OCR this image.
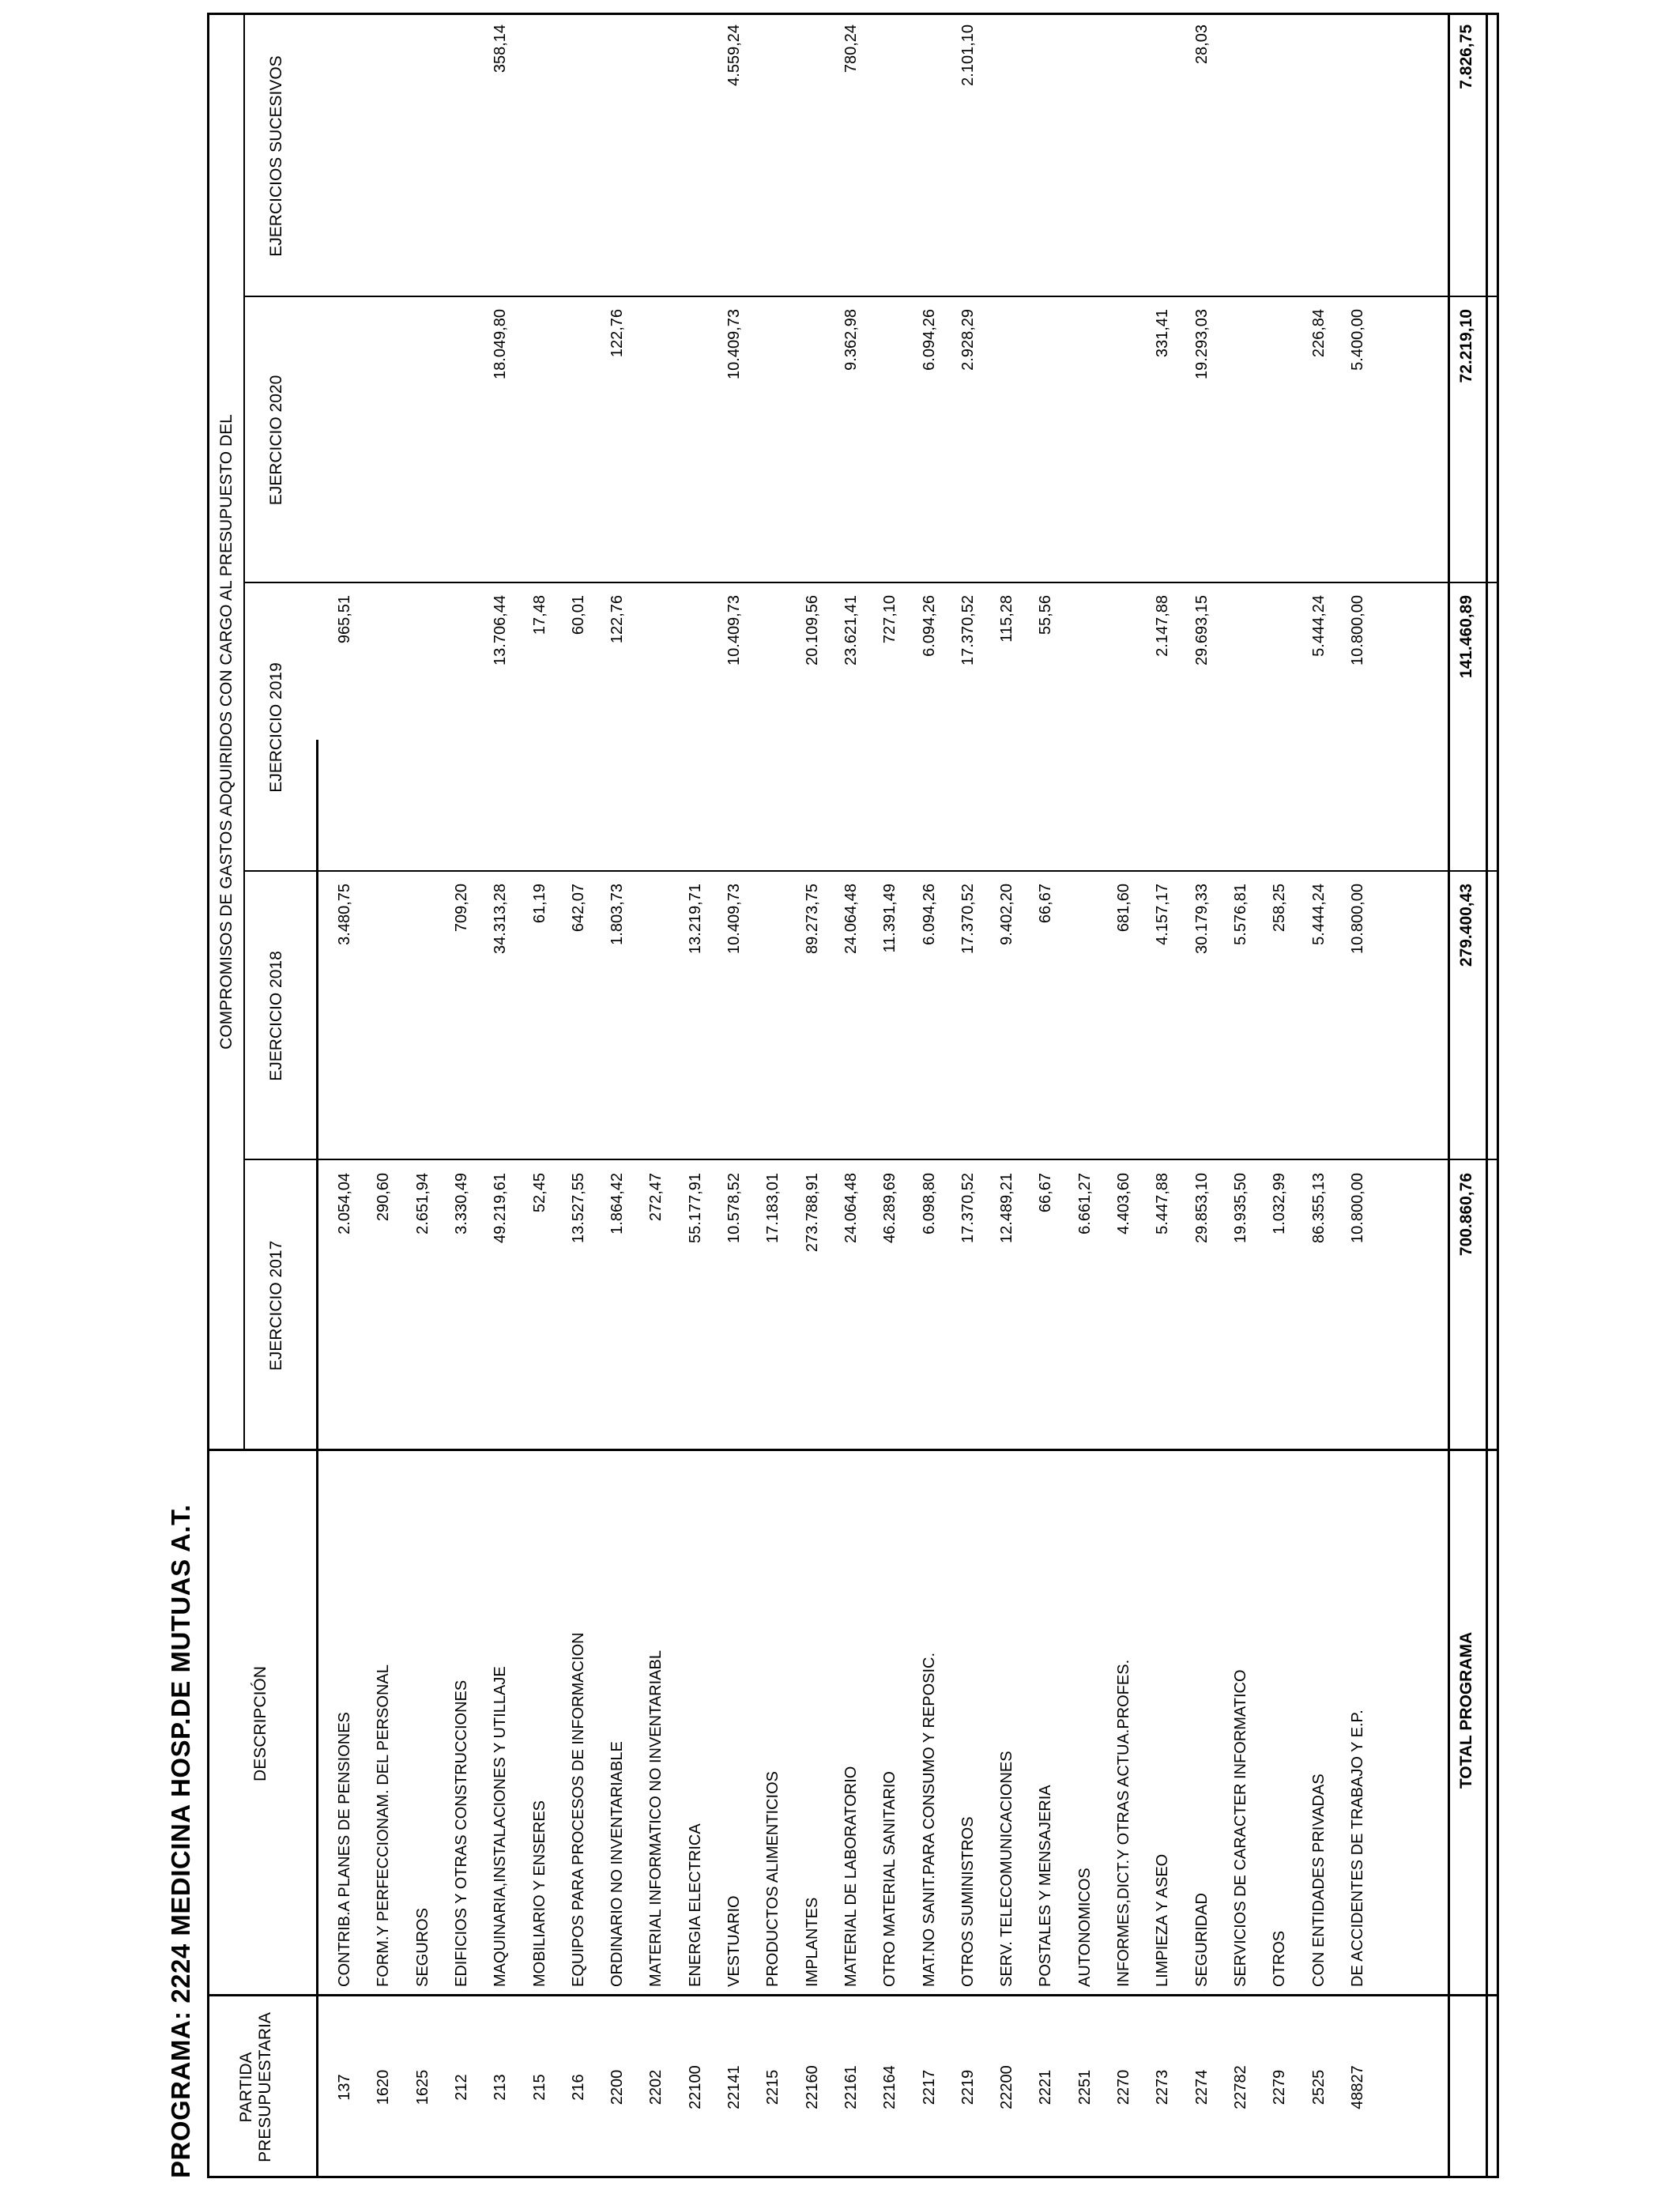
PROGRAMA: 2224 MEDICINA HOSP.DE MUTUAS A.T.	PARTIDA PRESUPUESTARIA
DESCRIPCIÓN
COMPROMISOS DE GASTOS ADQUIRIDOS CON CARGO AL PRESUPUESTO DEL
EJERCICIO 2017
EJERCICIO 2018
EJERCICIO 2019
EJERCICIO 2020
EJERCICIOS SUCESIVOS
137
CONTRIB.A PLANES DE PENSIONES
2.054,04
3.480,75
965,51
1620
FORM.Y PERFECCIONAM. DEL PERSONAL
290,60
1625
SEGUROS
2.651,94
212
EDIFICIOS Y OTRAS CONSTRUCCIONES
3.330,49
709,20
213
MAQUINARIA,INSTALACIONES Y UTILLAJE
49.219,61
34.313,28
13.706,44
18.049,80
358,14
215
MOBILIARIO Y ENSERES
52,45
61,19
17,48
216
EQUIPOS PARA PROCESOS DE INFORMACION
13.527,55
642,07
60,01
2200
ORDINARIO NO INVENTARIABLE
1.864,42
1.803,73
122,76
122,76
2202
MATERIAL INFORMATICO NO INVENTARIABL
272,47
22100
ENERGIA ELECTRICA
55.177,91
13.219,71
22141
VESTUARIO
10.578,52
10.409,73
10.409,73
10.409,73
4.559,24
2215
PRODUCTOS ALIMENTICIOS
17.183,01
22160
IMPLANTES
273.788,91
89.273,75
20.109,56
22161
MATERIAL DE LABORATORIO
24.064,48
24.064,48
23.621,41
9.362,98
780,24
22164
OTRO MATERIAL SANITARIO
46.289,69
11.391,49
727,10
2217
MAT.NO SANIT.PARA CONSUMO Y REPOSIC.
6.098,80
6.094,26
6.094,26
6.094,26
2219
OTROS SUMINISTROS
17.370,52
17.370,52
17.370,52
2.928,29
2.101,10
22200
SERV. TELECOMUNICACIONES
12.489,21
9.402,20
115,28
2221
POSTALES Y MENSAJERIA
66,67
66,67
55,56
2251
AUTONOMICOS
6.661,27
2270
INFORMES,DICT.Y OTRAS ACTUA.PROFES.
4.403,60
681,60
2273
LIMPIEZA Y ASEO
5.447,88
4.157,17
2.147,88
331,41
2274
SEGURIDAD
29.853,10
30.179,33
29.693,15
19.293,03
28,03
22782
SERVICIOS DE CARACTER INFORMATICO
19.935,50
5.576,81
2279
OTROS
1.032,99
258,25
2525
CON ENTIDADES PRIVADAS
86.355,13
5.444,24
5.444,24
226,84
48827
DE ACCIDENTES DE TRABAJO Y E.P.
10.800,00
10.800,00
10.800,00
5.400,00
TOTAL PROGRAMA
700.860,76
279.400,43
141.460,89
72.219,10
7.826,75
